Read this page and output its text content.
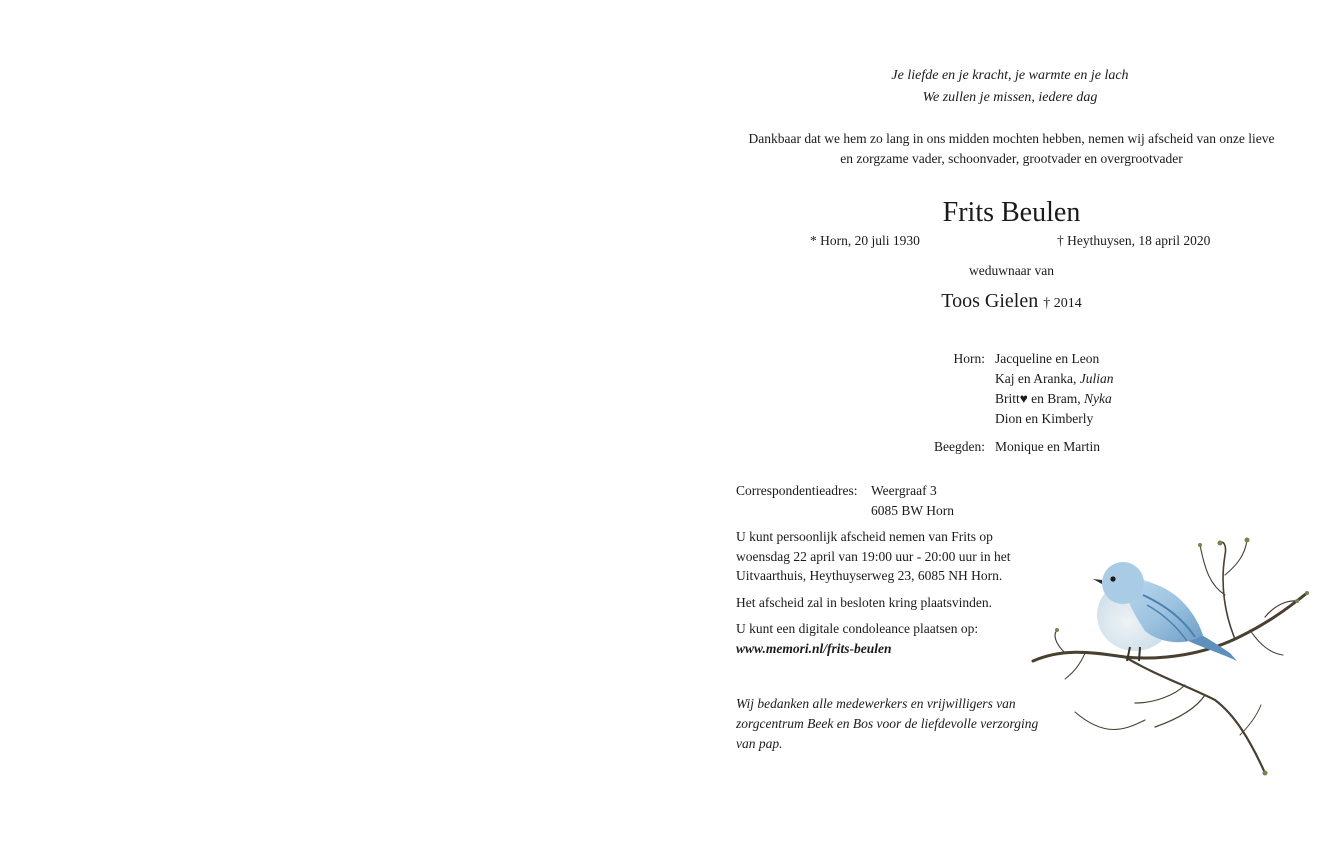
Je liefde en je kracht, je warmte en je lach
We zullen je missen, iedere dag
Dankbaar dat we hem zo lang in ons midden mochten hebben, nemen wij afscheid van onze lieve
en zorgzame vader, schoonvader, grootvader en overgrootvader
Frits Beulen
* Horn, 20 juli 1930	† Heythuysen, 18 april 2020
weduwnaar van
Toos Gielen † 2014
Horn: Jacqueline en Leon
Kaj en Aranka, Julian
Britt♥ en Bram, Nyka
Dion en Kimberly
Beegden: Monique en Martin
Correspondentieadres:	Weergraaf 3
6085 BW Horn
U kunt persoonlijk afscheid nemen van Frits op
woensdag 22 april van 19:00 uur - 20:00 uur in het
Uitvaarthuis, Heythuyserweg 23, 6085 NH Horn.
Het afscheid zal in besloten kring plaatsvinden.
U kunt een digitale condoleance plaatsen op:
www.memori.nl/frits-beulen
Wij bedanken alle medewerkers en vrijwilligers van
zorgcentrum Beek en Bos voor de liefdevolle verzorging
van pap.
